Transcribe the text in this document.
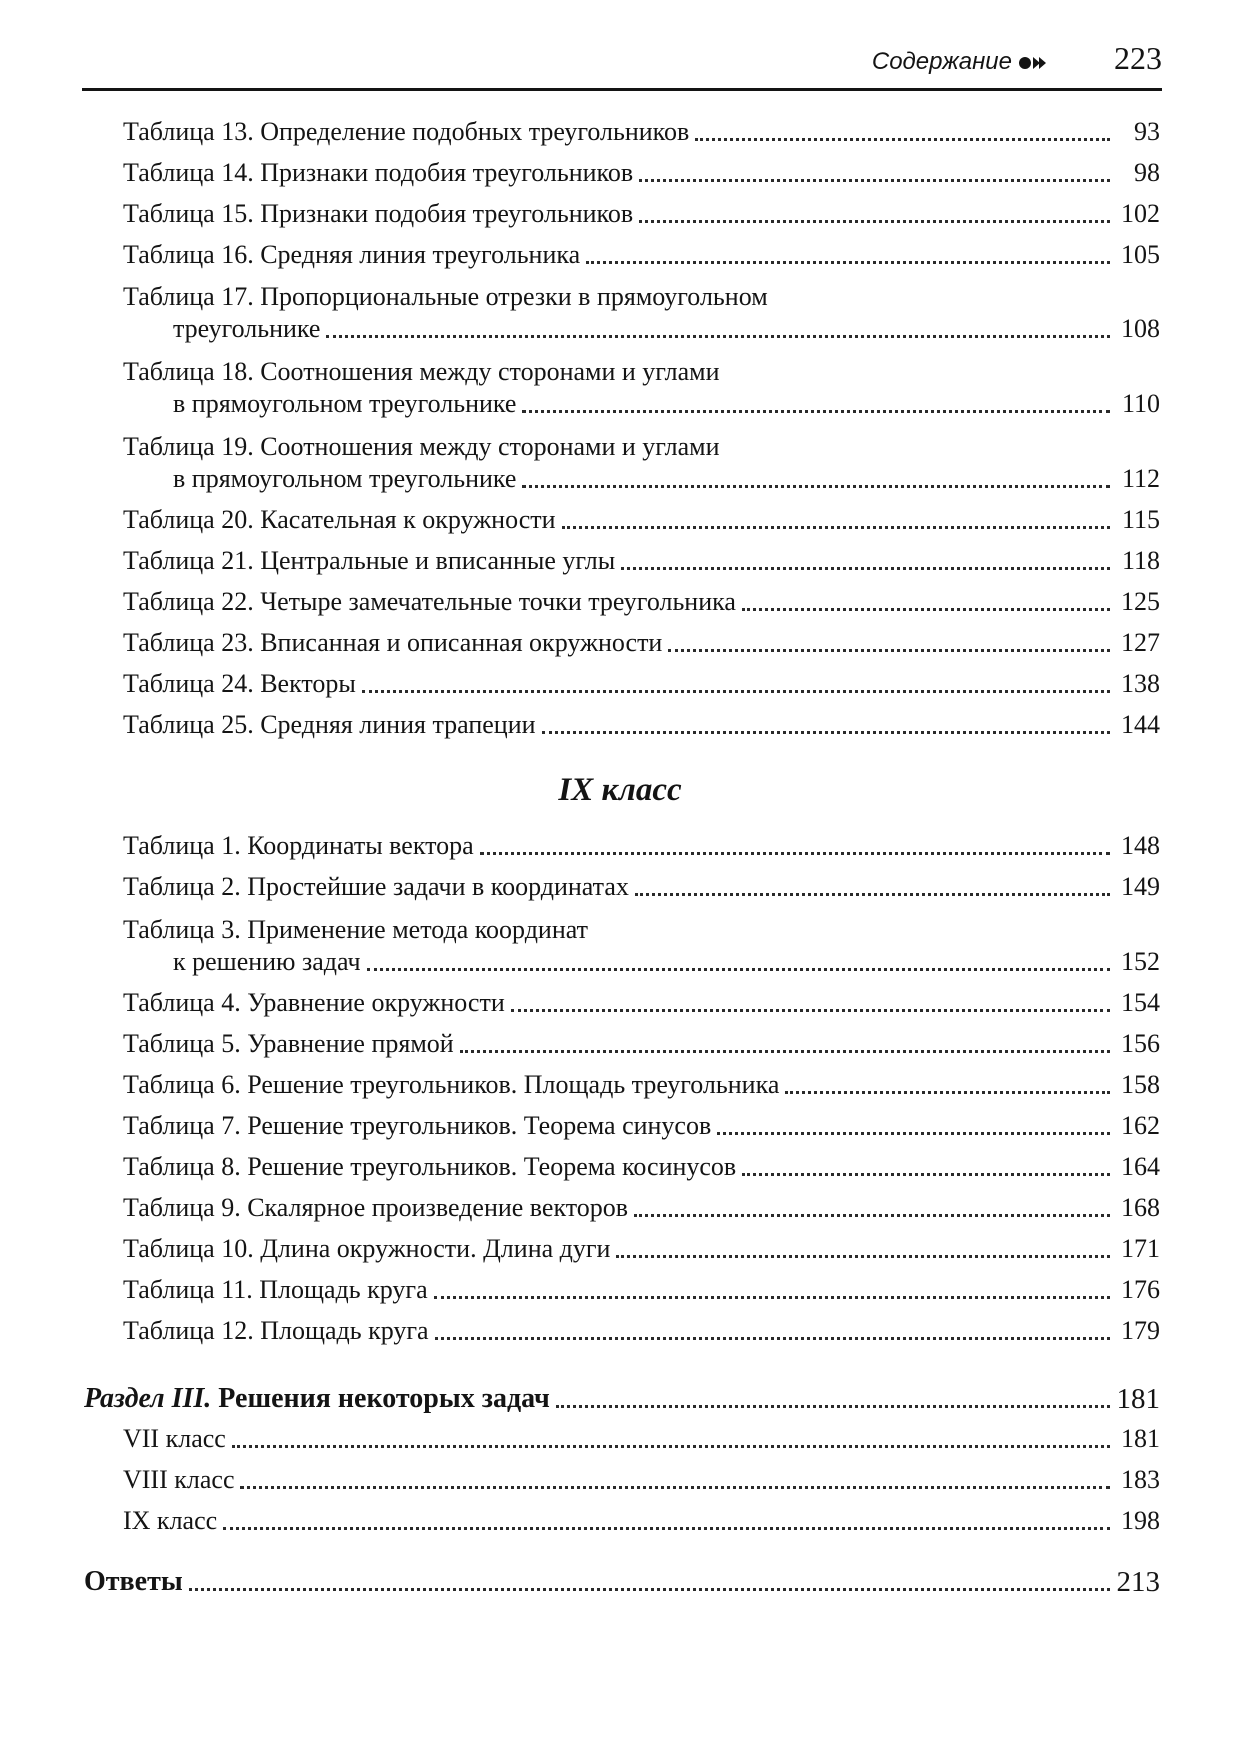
Содержание	223
Таблица 13. Определение подобных треугольников	93
Таблица 14. Признаки подобия треугольников	98
Таблица 15. Признаки подобия треугольников	102
Таблица 16. Средняя линия треугольника	105
Таблица 17. Пропорциональные отрезки в прямоугольном
треугольнике	108
Таблица 18. Соотношения между сторонами и углами
в прямоугольном треугольнике	110
Таблица 19. Соотношения между сторонами и углами
в прямоугольном треугольнике	112
Таблица 20. Касательная к окружности	115
Таблица 21. Центральные и вписанные углы	118
Таблица 22. Четыре замечательные точки треугольника	125
Таблица 23. Вписанная и описанная окружности	127
Таблица 24. Векторы	138
Таблица 25. Средняя линия трапеции	144
IX класс
Таблица 1. Координаты вектора	148
Таблица 2. Простейшие задачи в координатах	149
Таблица 3. Применение метода координат
к решению задач	152
Таблица 4. Уравнение окружности	154
Таблица 5. Уравнение прямой	156
Таблица 6. Решение треугольников. Площадь треугольника	158
Таблица 7. Решение треугольников. Теорема синусов	162
Таблица 8. Решение треугольников. Теорема косинусов	164
Таблица 9. Скалярное произведение векторов	168
Таблица 10. Длина окружности. Длина дуги	171
Таблица 11. Площадь круга	176
Таблица 12. Площадь круга	179
Раздел III. Решения некоторых задач	181
VII класс	181
VIII класс	183
IX класс	198
Ответы	213
